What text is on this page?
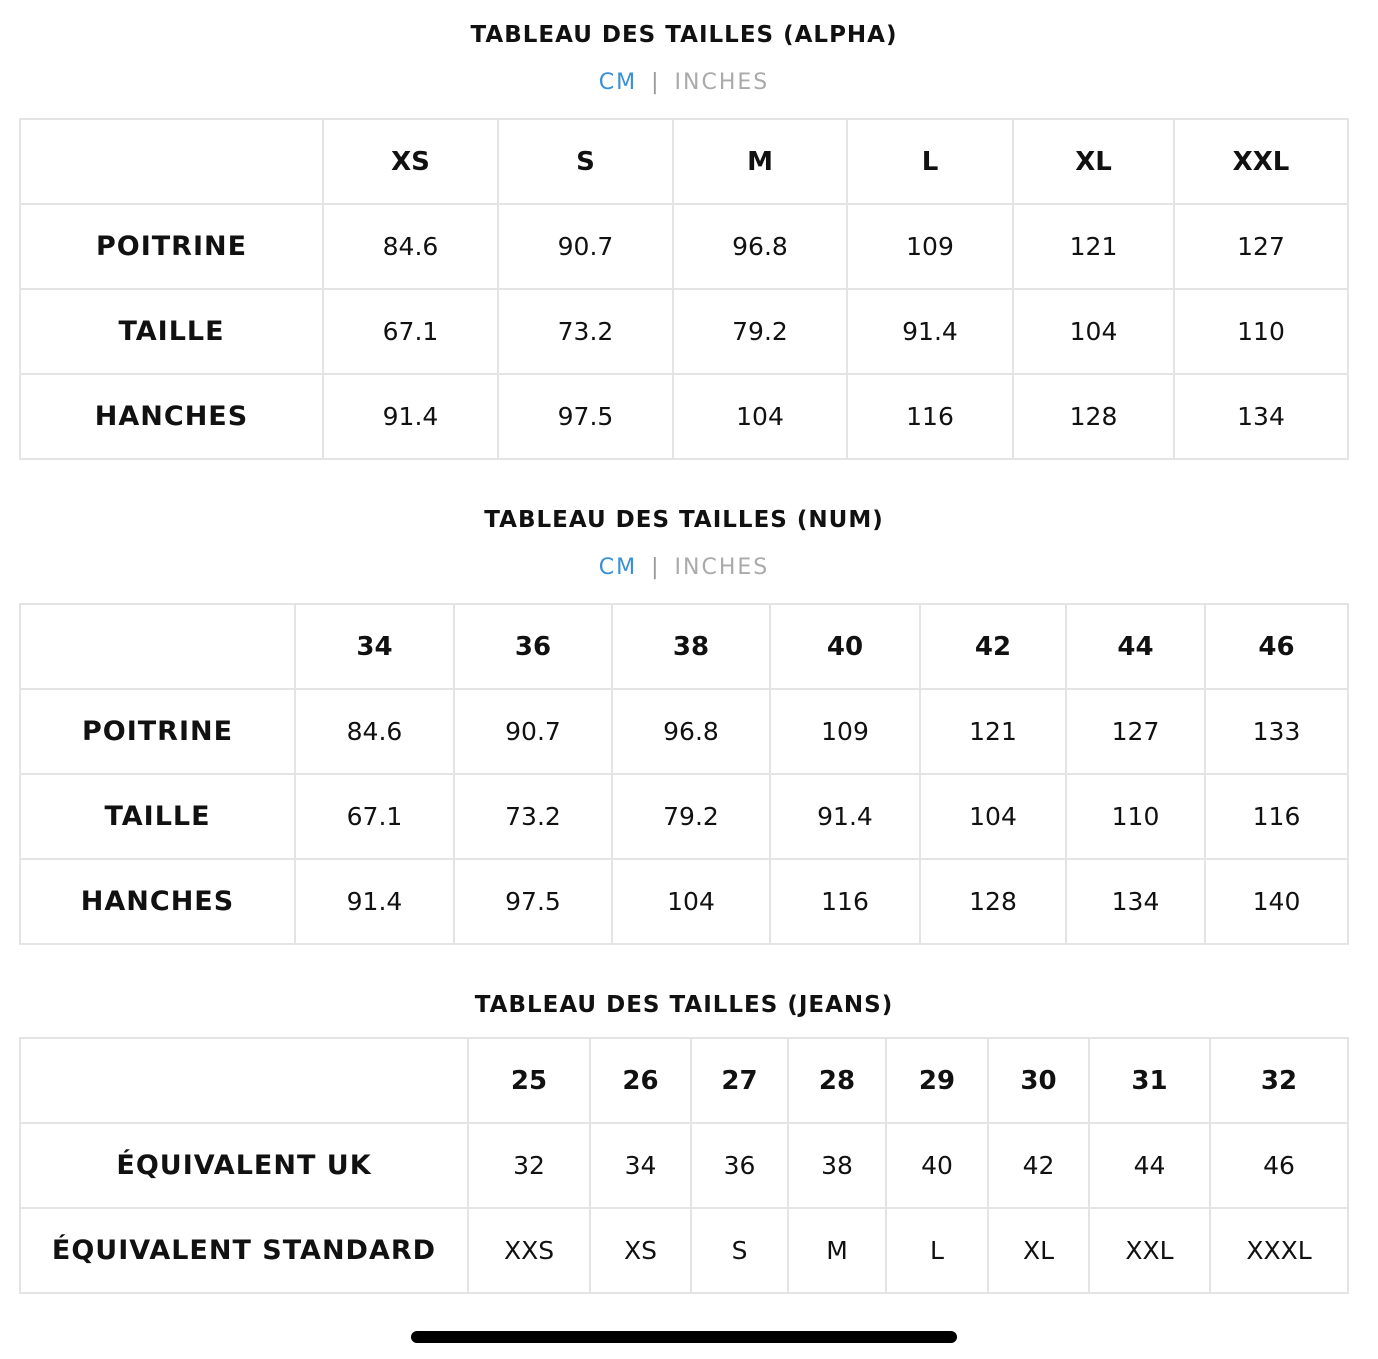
TABLEAU DES TAILLES (ALPHA)
CM | INCHES
	XS	S	M	L	XL	XXL
POITRINE	84.6	90.7	96.8	109	121	127
TAILLE	67.1	73.2	79.2	91.4	104	110
HANCHES	91.4	97.5	104	116	128	134
TABLEAU DES TAILLES (NUM)
CM | INCHES
	34	36	38	40	42	44	46
POITRINE	84.6	90.7	96.8	109	121	127	133
TAILLE	67.1	73.2	79.2	91.4	104	110	116
HANCHES	91.4	97.5	104	116	128	134	140
TABLEAU DES TAILLES (JEANS)
	25	26	27	28	29	30	31	32
ÉQUIVALENT UK	32	34	36	38	40	42	44	46
ÉQUIVALENT STANDARD	XXS	XS	S	M	L	XL	XXL	XXXL
